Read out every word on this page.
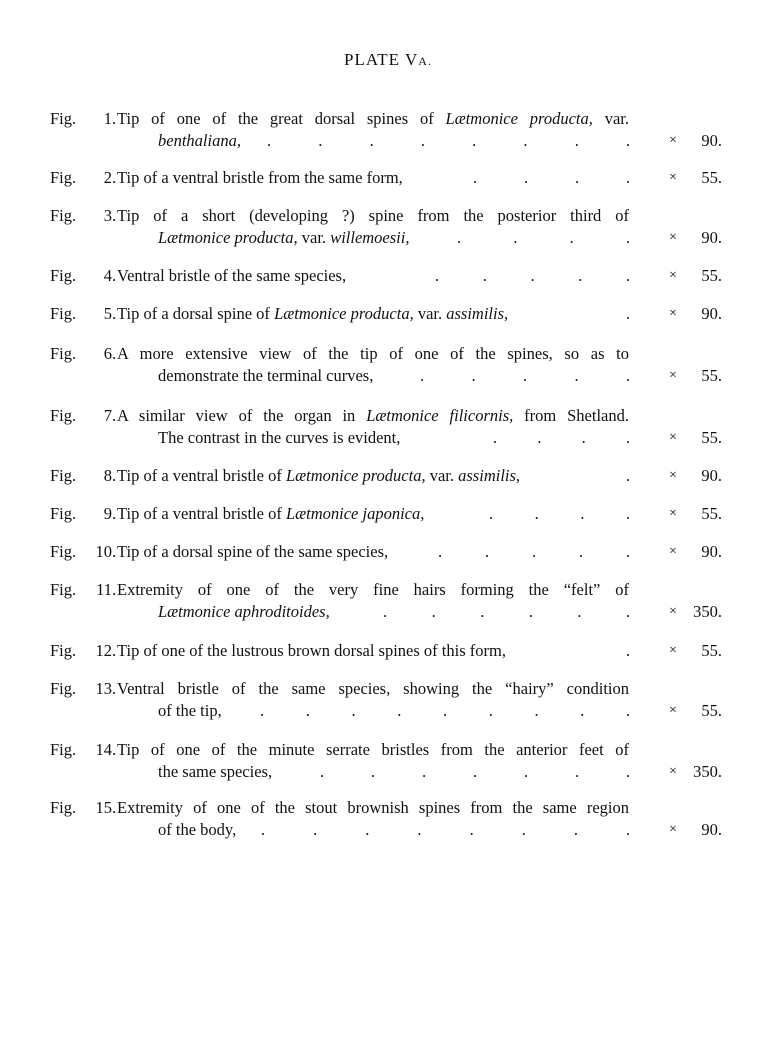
PLATE VA.
Fig. 1. Tip of one of the great dorsal spines of Lætmonice producta, var.
benthaliana, .	.	.	.	.	.	.	.	× 90.
Fig. 2. Tip of a ventral bristle from the same form,	.	.	.	.	× 55.
Fig. 3. Tip of a short (developing ?) spine from the posterior third of
Lætmonice producta, var. willemoesii,	.	.	.	.	× 90.
Fig. 4. Ventral bristle of the same species,	.	.	.	.	.	× 55.
Fig. 5. Tip of a dorsal spine of Lætmonice producta, var. assimilis,	.	× 90.
Fig. 6. A more extensive view of the tip of one of the spines, so as to
demonstrate the terminal curves,	.	.	.	.	.	× 55.
Fig. 7. A similar view of the organ in Lætmonice filicornis, from Shetland.
The contrast in the curves is evident,	. . . .	× 55.
Fig. 8. Tip of a ventral bristle of Lætmonice producta, var. assimilis,	.	× 90.
Fig. 9. Tip of a ventral bristle of Lætmonice japonica,	.	.	.	.	× 55.
Fig. 10. Tip of a dorsal spine of the same species,	.	.	.	.	.	× 90.
Fig. 11. Extremity of one of the very fine hairs forming the “felt” of
Lætmonice aphroditoides,	.	.	.	.	.	.	× 350.
Fig. 12. Tip of one of the lustrous brown dorsal spines of this form,	.	× 55.
Fig. 13. Ventral bristle of the same species, showing the “hairy” condition
of the tip, .	.	.	.	.	.	.	.	.	× 55.
Fig. 14. Tip of one of the minute serrate bristles from the anterior feet of
the same species,	.	.	.	.	.	.	.	× 350.
Fig. 15. Extremity of one of the stout brownish spines from the same region
of the body, .	.	.	.	.	.	.	.	× 90.
